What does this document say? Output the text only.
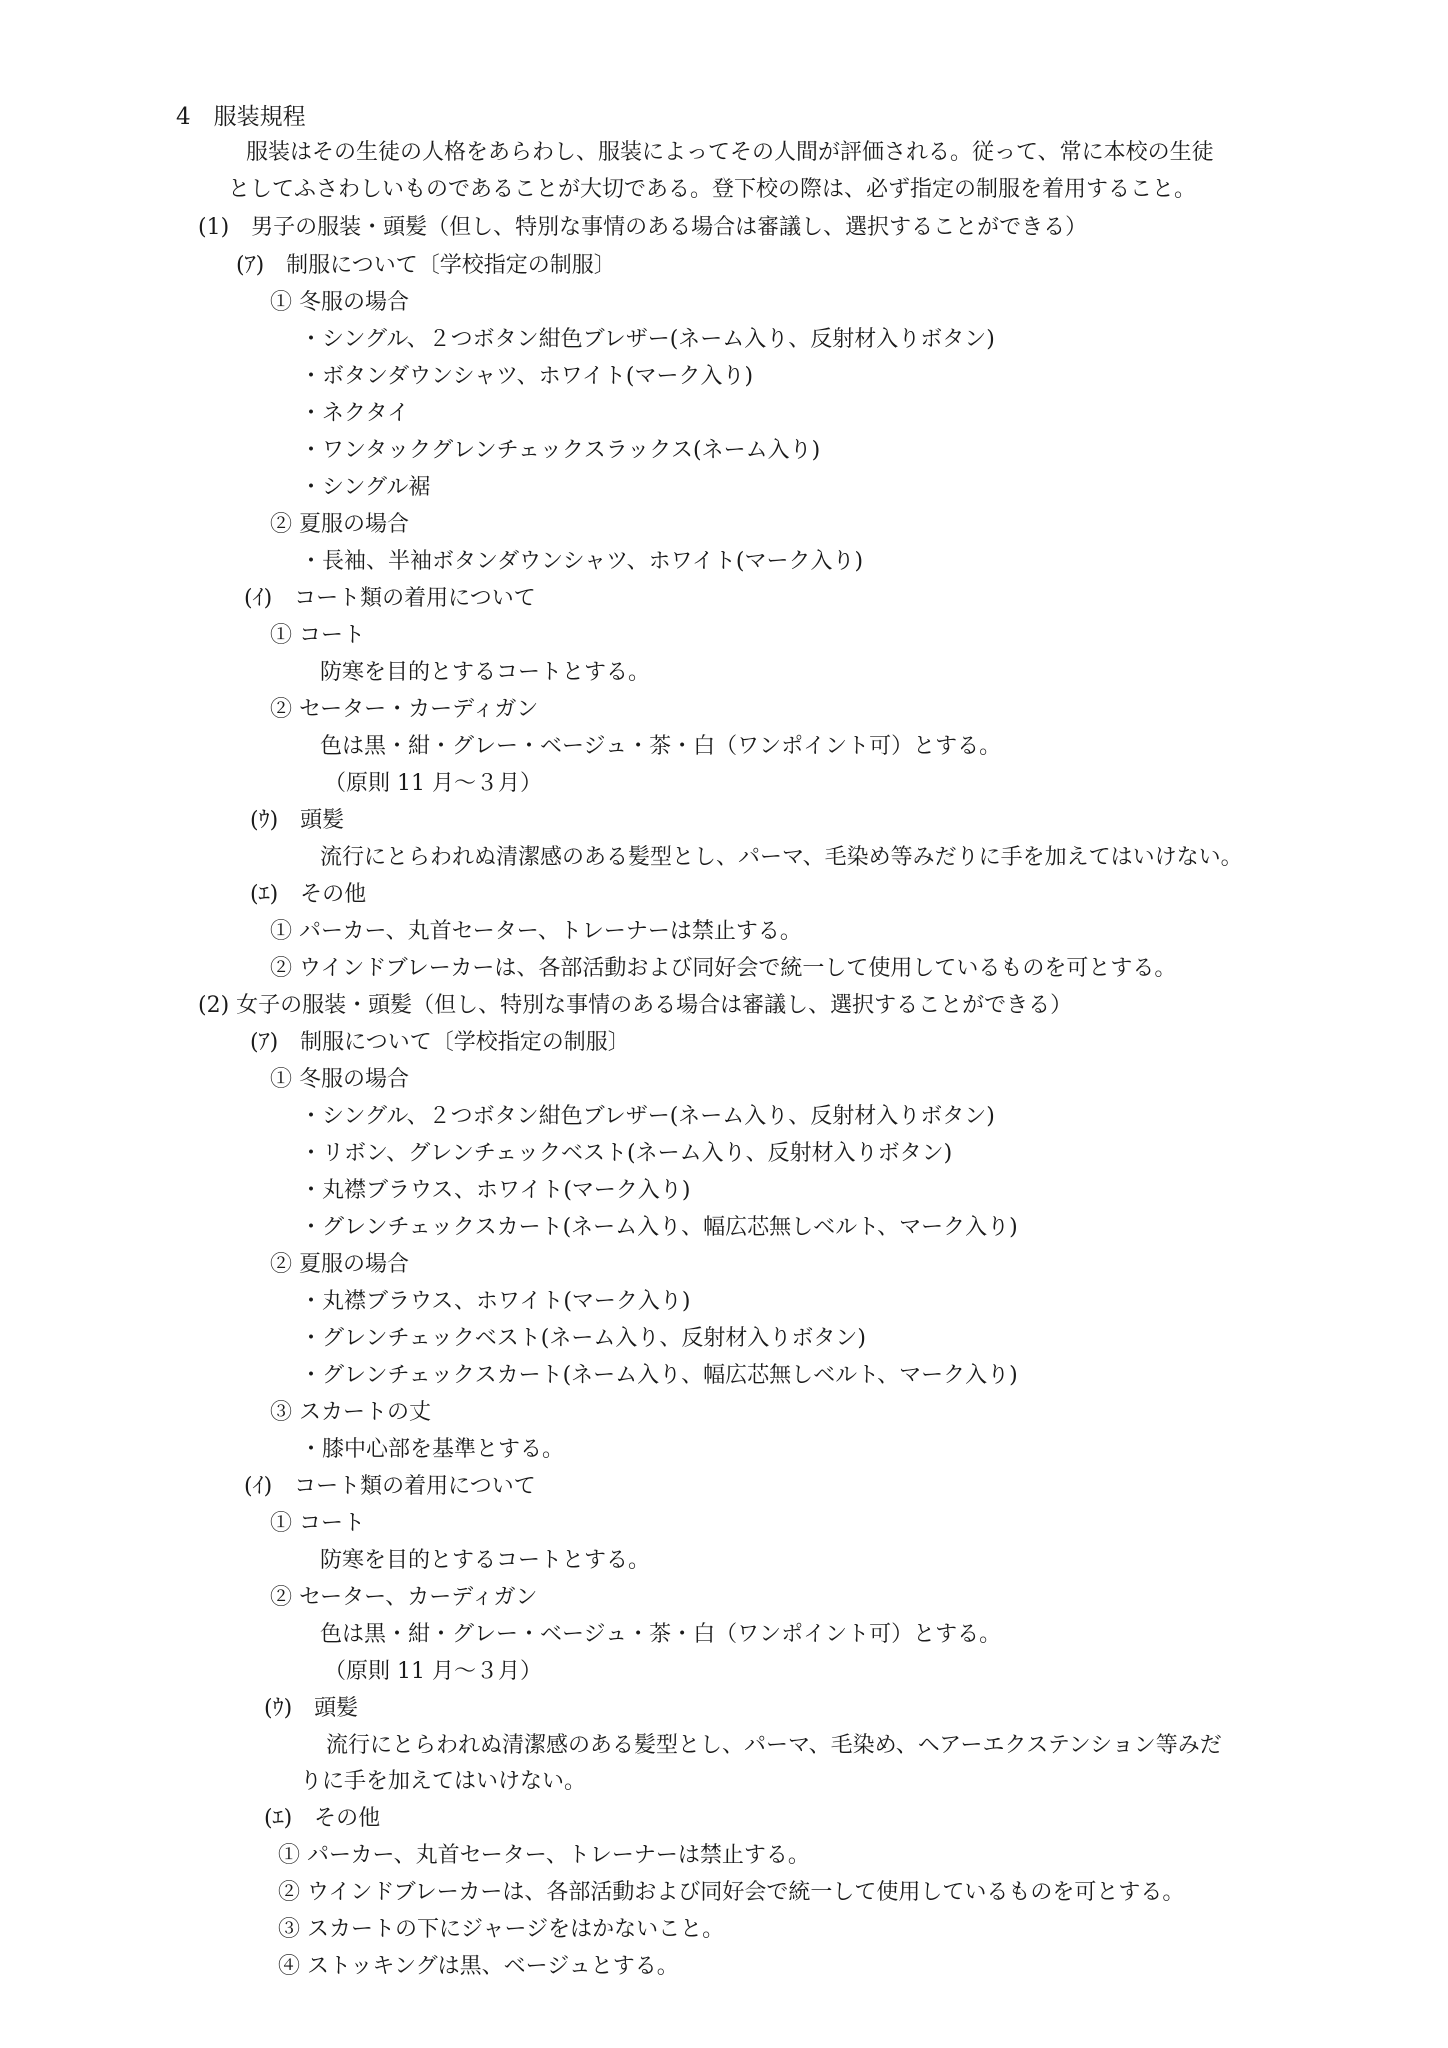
4　服装規程

服装はその生徒の人格をあらわし、服装によってその人間が評価される。従って、常に本校の生徒

としてふさわしいものであることが大切である。登下校の際は、必ず指定の制服を着用すること。

(1)　男子の服装・頭髪（但し、特別な事情のある場合は審議し、選択することができる）

(ｱ)　制服について〔学校指定の制服〕

① 冬服の場合

・シングル、２つボタン紺色ブレザー(ネーム入り、反射材入りボタン)

・ボタンダウンシャツ、ホワイト(マーク入り)

・ネクタイ

・ワンタックグレンチェックスラックス(ネーム入り)

・シングル裾

② 夏服の場合

・長袖、半袖ボタンダウンシャツ、ホワイト(マーク入り)

(ｲ)　コート類の着用について

① コート

防寒を目的とするコートとする。

② セーター・カーディガン

色は黒・紺・グレー・ベージュ・茶・白（ワンポイント可）とする。

（原則 11 月～３月）

(ｳ)　頭髪

流行にとらわれぬ清潔感のある髪型とし、パーマ、毛染め等みだりに手を加えてはいけない。

(ｴ)　その他

① パーカー、丸首セーター、トレーナーは禁止する。

② ウインドブレーカーは、各部活動および同好会で統一して使用しているものを可とする。

(2) 女子の服装・頭髪（但し、特別な事情のある場合は審議し、選択することができる）

(ｱ)　制服について〔学校指定の制服〕

① 冬服の場合

・シングル、２つボタン紺色ブレザー(ネーム入り、反射材入りボタン)

・リボン、グレンチェックベスト(ネーム入り、反射材入りボタン)

・丸襟ブラウス、ホワイト(マーク入り)

・グレンチェックスカート(ネーム入り、幅広芯無しベルト、マーク入り)

② 夏服の場合

・丸襟ブラウス、ホワイト(マーク入り)

・グレンチェックベスト(ネーム入り、反射材入りボタン)

・グレンチェックスカート(ネーム入り、幅広芯無しベルト、マーク入り)

③ スカートの丈

・膝中心部を基準とする。

(ｲ)　コート類の着用について

① コート

防寒を目的とするコートとする。

② セーター、カーディガン

色は黒・紺・グレー・ベージュ・茶・白（ワンポイント可）とする。

（原則 11 月～３月）

(ｳ)　頭髪

流行にとらわれぬ清潔感のある髪型とし、パーマ、毛染め、ヘアーエクステンション等みだ

りに手を加えてはいけない。

(ｴ)　その他

① パーカー、丸首セーター、トレーナーは禁止する。

② ウインドブレーカーは、各部活動および同好会で統一して使用しているものを可とする。

③ スカートの下にジャージをはかないこと。

④ ストッキングは黒、ベージュとする。
